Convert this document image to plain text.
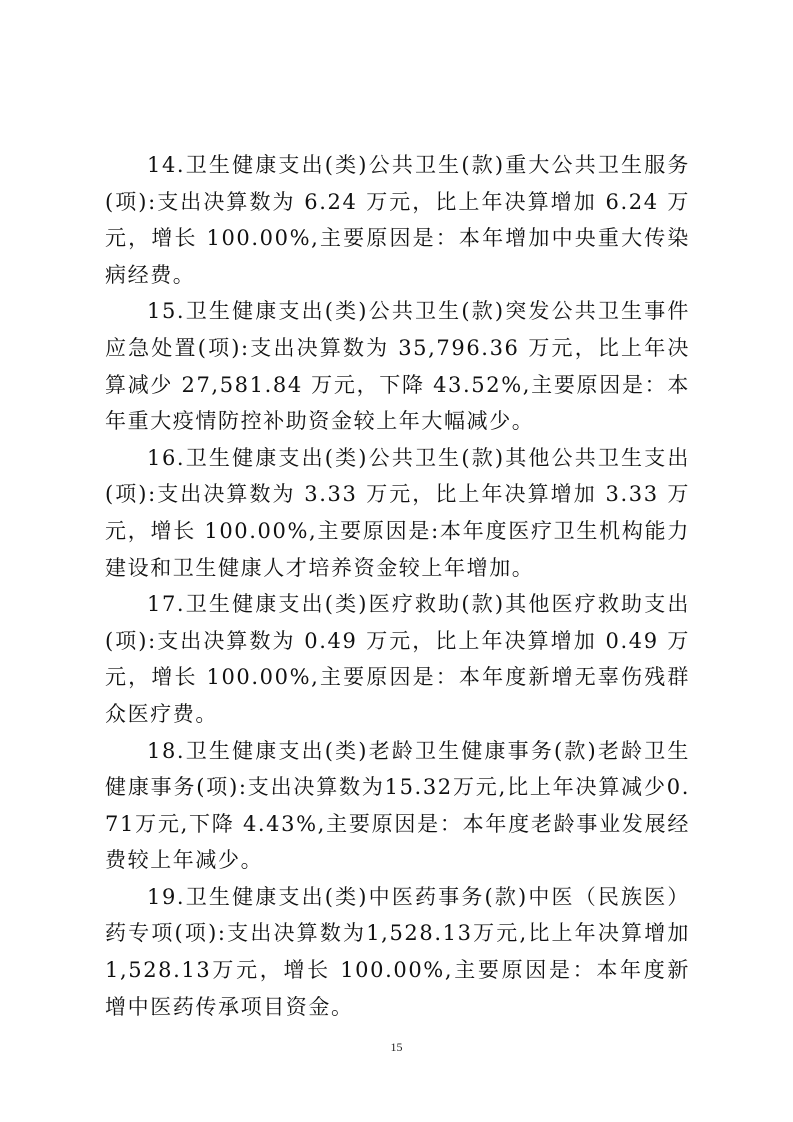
14.卫生健康支出(类)公共卫生(款)重大公共卫生服务(项):支出决算数为 6.24 万元，比上年决算增加 6.24 万元，增长 100.00%,主要原因是：本年增加中央重大传染病经费。

15.卫生健康支出(类)公共卫生(款)突发公共卫生事件应急处置(项):支出决算数为 35,796.36 万元，比上年决算减少 27,581.84 万元，下降 43.52%,主要原因是：本年重大疫情防控补助资金较上年大幅减少。

16.卫生健康支出(类)公共卫生(款)其他公共卫生支出(项):支出决算数为 3.33 万元，比上年决算增加 3.33 万元，增长 100.00%,主要原因是:本年度医疗卫生机构能力建设和卫生健康人才培养资金较上年增加。

17.卫生健康支出(类)医疗救助(款)其他医疗救助支出(项):支出决算数为 0.49 万元，比上年决算增加 0.49 万元，增长 100.00%,主要原因是：本年度新增无辜伤残群众医疗费。

18.卫生健康支出(类)老龄卫生健康事务(款)老龄卫生健康事务(项):支出决算数为15.32万元,比上年决算减少0.71万元,下降 4.43%,主要原因是：本年度老龄事业发展经费较上年减少。

19.卫生健康支出(类)中医药事务(款)中医（民族医）药专项(项):支出决算数为1,528.13万元,比上年决算增加1,528.13万元，增长 100.00%,主要原因是：本年度新增中医药传承项目资金。

15
